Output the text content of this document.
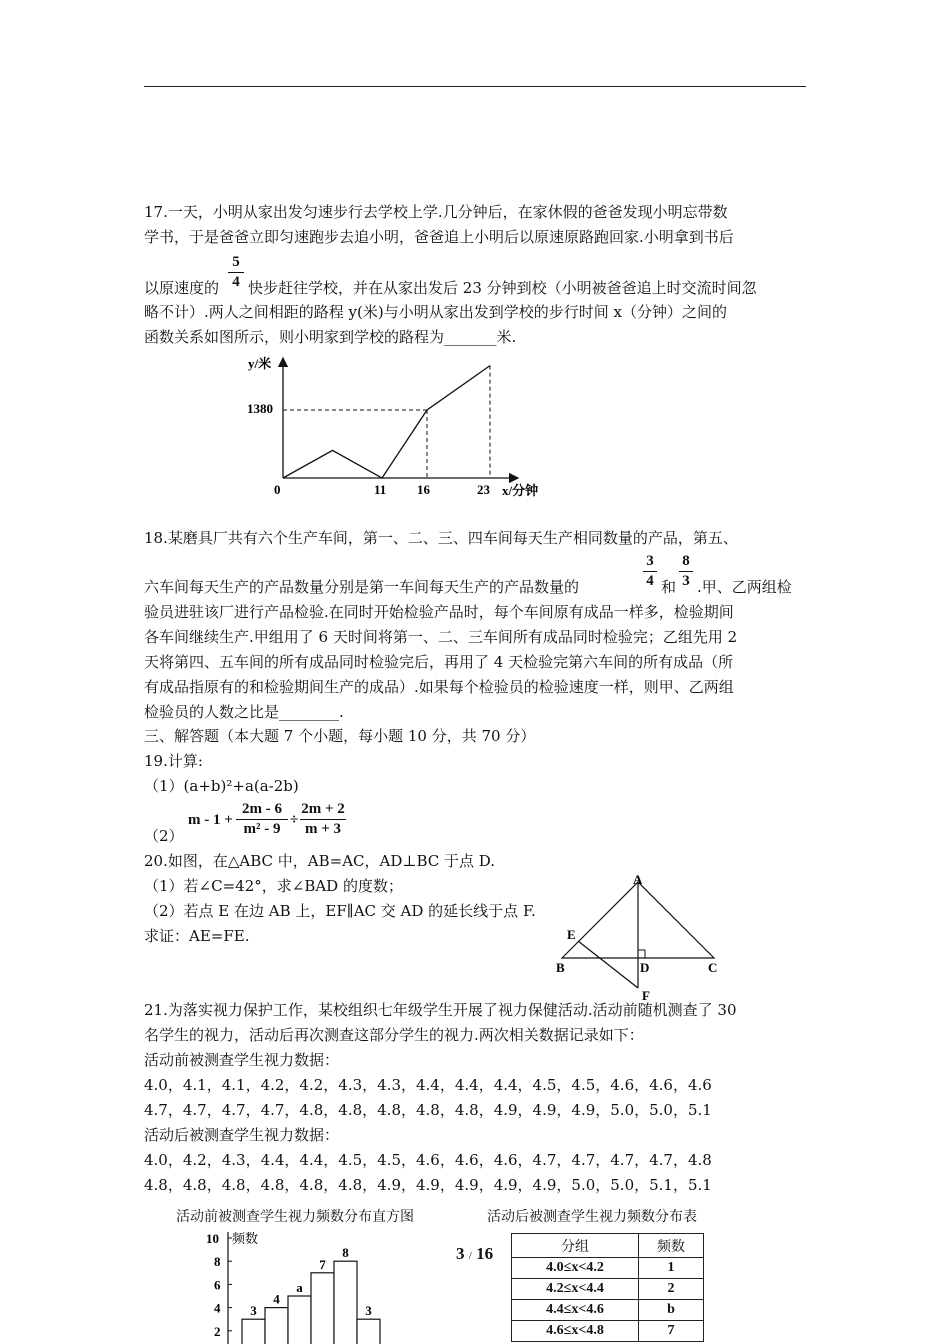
17.一天，小明从家出发匀速步行去学校上学.几分钟后，在家休假的爸爸发现小明忘带数
学书，于是爸爸立即匀速跑步去追小明，爸爸追上小明后以原速原路跑回家.小明拿到书后
5
4
以原速度的 快步赶往学校，并在从家出发后 23 分钟到校（小明被爸爸追上时交流时间忽
略不计）.两人之间相距的路程 y(米)与小明从家出发到学校的步行时间 x（分钟）之间的
函数关系如图所示，则小明家到学校的路程为_______米.
y/米
x/分钟
0	11 16	23
1380
18.某磨具厂共有六个生产车间，第一、二、三、四车间每天生产相同数量的产品，第五、
3
4
8
3
六车间每天生产的产品数量分别是第一车间每天生产的产品数量的	和 .甲、乙两组检
验员进驻该厂进行产品检验.在同时开始检验产品时，每个车间原有成品一样多，检验期间
各车间继续生产.甲组用了 6 天时间将第一、二、三车间所有成品同时检验完；乙组先用 2
天将第四、五车间的所有成品同时检验完后，再用了 4 天检验完第六车间的所有成品（所
有成品指原有的和检验期间生产的成品）.如果每个检验员的检验速度一样，则甲、乙两组
检验员的人数之比是________.
三、解答题（本大题 7 个小题，每小题 10 分，共 70 分）
19.计算:
（1）(a+b)²+a(a-2b)
（2）
m - 1 +
2m - 6
m² - 9
÷
2m + 2
m + 3
20.如图，在△ABC 中，AB=AC，AD⊥BC 于点 D.
（1）若∠C=42°，求∠BAD 的度数；
（2）若点 E 在边 AB 上，EF∥AC 交 AD 的延长线于点 F.
求证：AE=FE.
A
B	C
D
E
F
21.为落实视力保护工作，某校组织七年级学生开展了视力保健活动.活动前随机测查了 30
名学生的视力，活动后再次测查这部分学生的视力.两次相关数据记录如下：
活动前被测查学生视力数据：
4.0，4.1，4.1，4.2，4.2，4.3，4.3，4.4，4.4，4.4，4.5，4.5，4.6，4.6，4.6
4.7，4.7，4.7，4.7，4.8，4.8，4.8，4.8，4.8，4.9，4.9，4.9，5.0，5.0，5.1
活动后被测查学生视力数据：
4.0，4.2，4.3，4.4，4.4，4.5，4.5，4.6，4.6，4.6，4.7，4.7，4.7，4.7，4.8
4.8，4.8，4.8，4.8，4.8，4.8，4.9，4.9，4.9，4.9，4.9，5.0，5.0，5.1，5.1
活动前被测查学生视力频数分布直方图	活动后被测查学生视力频数分布表
频数
10
8
6
4
2
3
4
a
7
8
3
3 / 16	分组	频数
4.0≤x<4.2	1
4.2≤x<4.4	2
4.4≤x<4.6	b
4.6≤x<4.8	7
